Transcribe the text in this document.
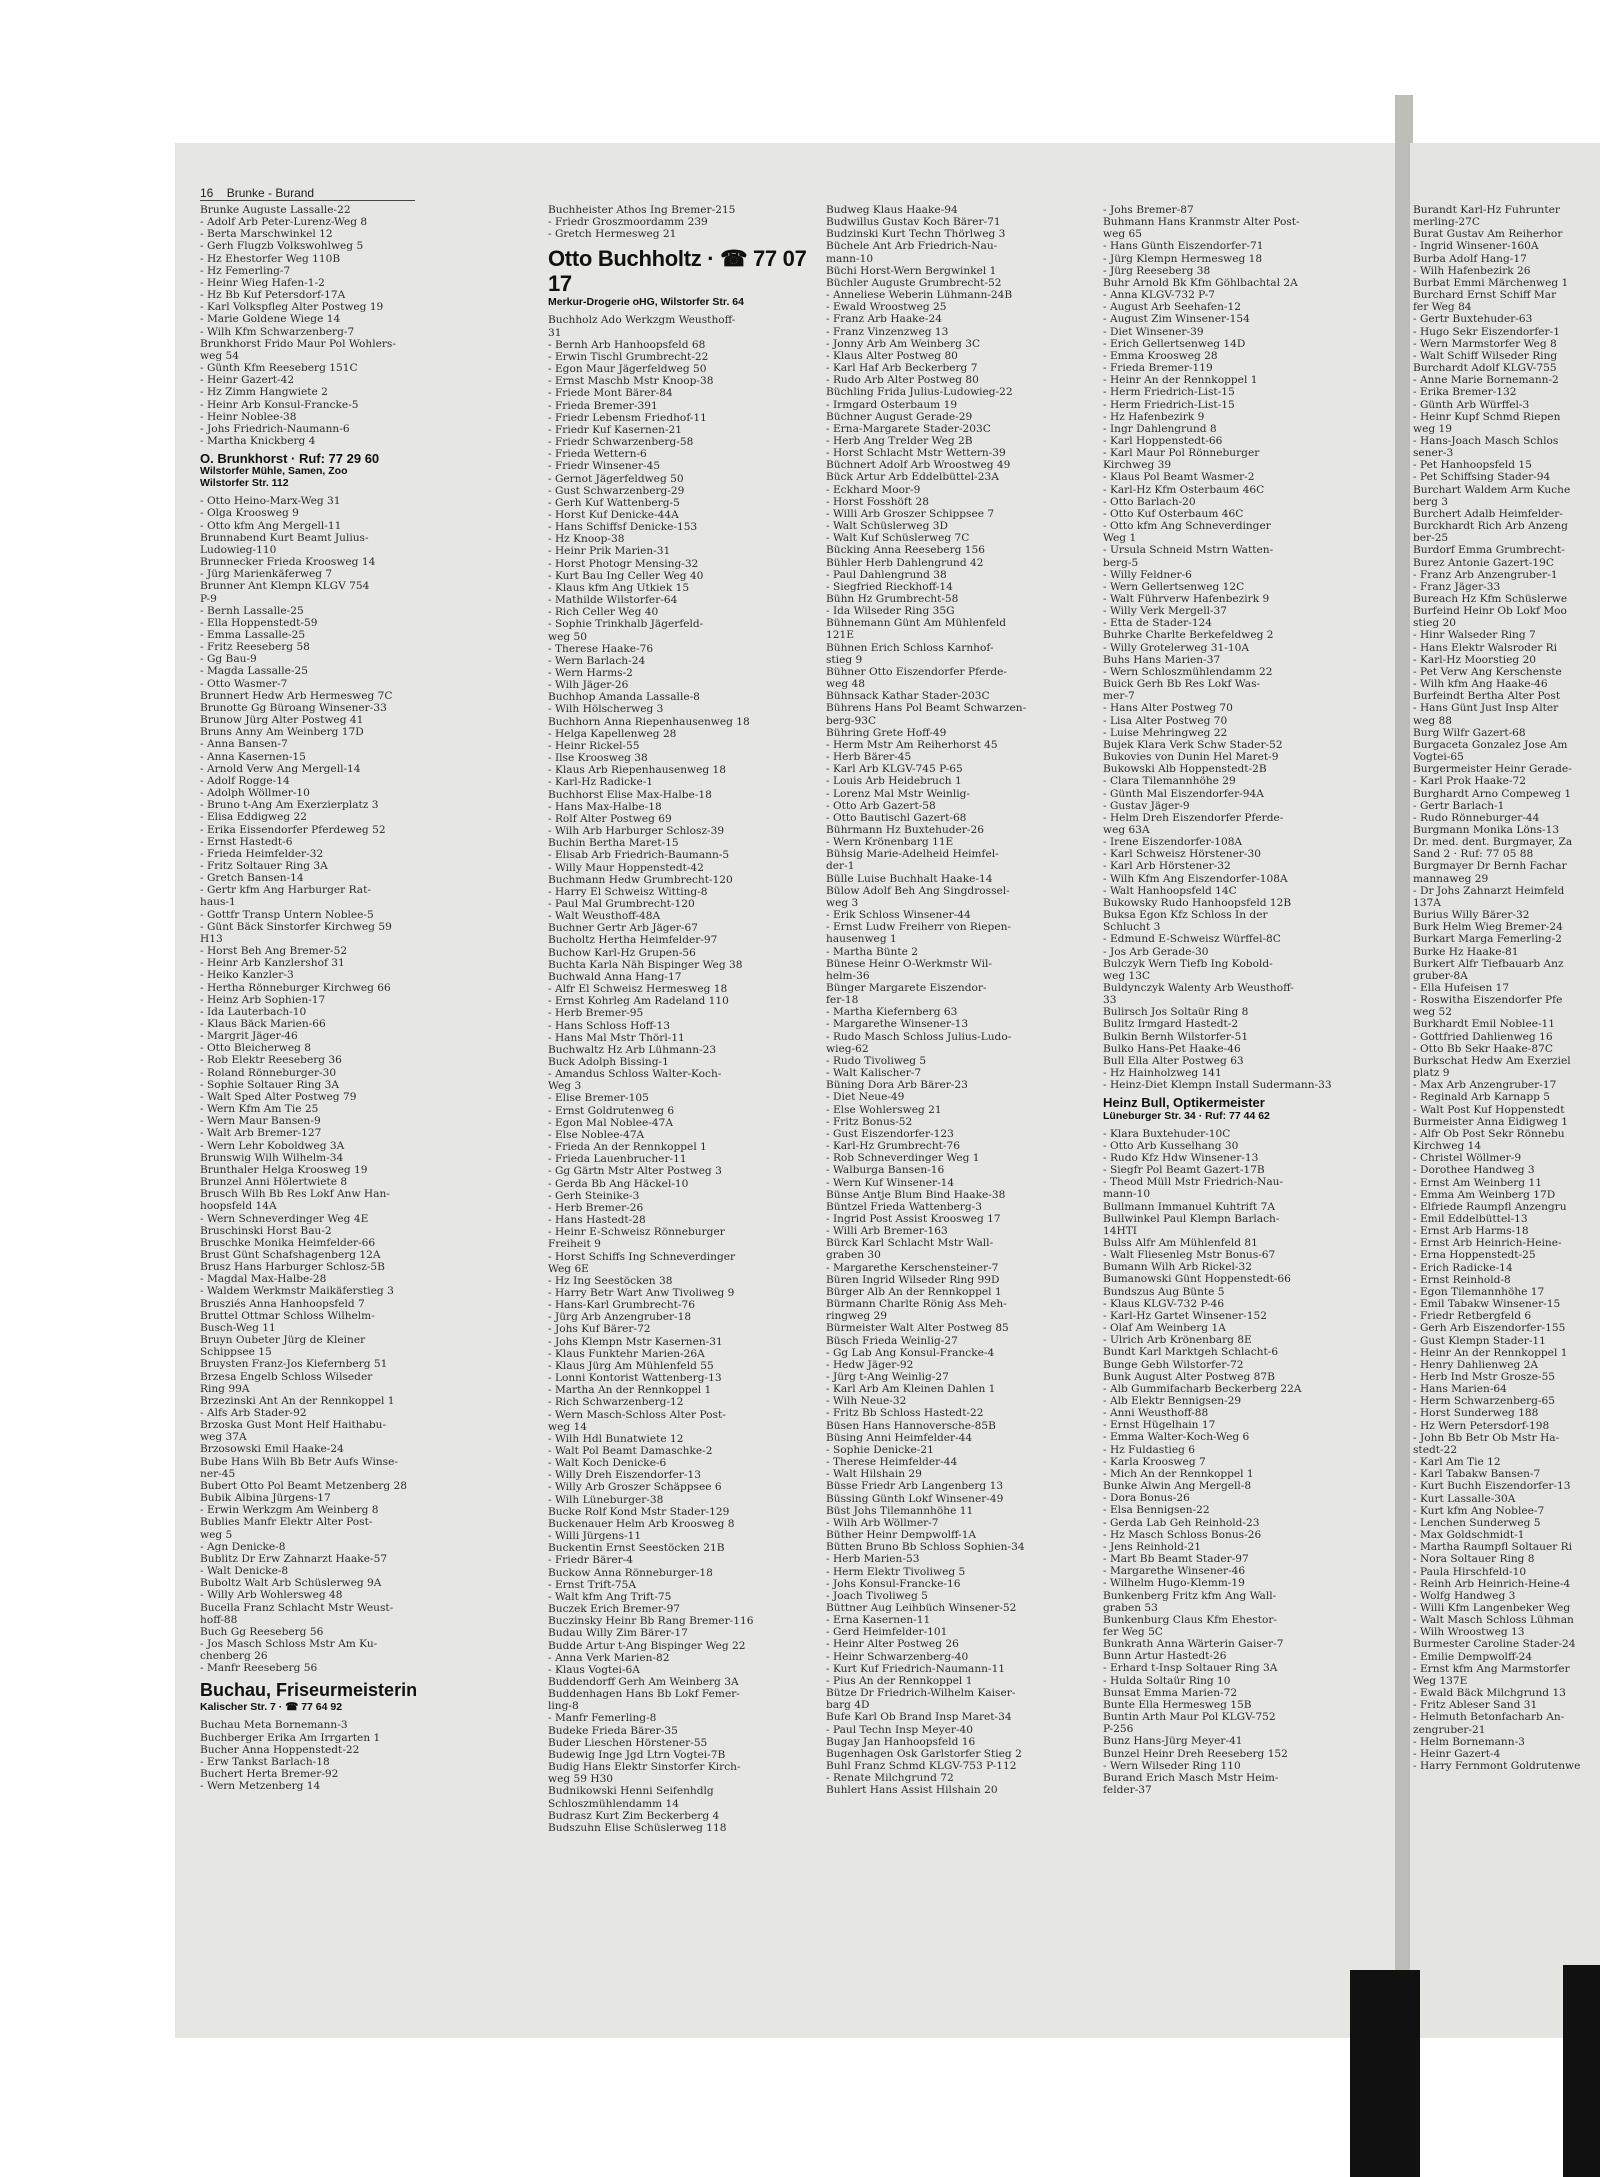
16 Brunke - Burand

Brunke Auguste Lassalle-22

- Adolf Arb Peter-Lurenz-Weg 8

- Berta Marschwinkel 12

- Gerh Flugzb Volkswohlweg 5

- Hz Ehestorfer Weg 110B

- Hz Femerling-7

- Heinr Wieg Hafen-1-2

- Hz Bb Kuf Petersdorf-17A

- Karl Volkspfleg Alter Postweg 19

- Marie Goldene Wiege 14

- Wilh Kfm Schwarzenberg-7

Brunkhorst Frido Maur Pol Wohlers-

weg 54

- Günth Kfm Reeseberg 151C

- Heinr Gazert-42

- Hz Zimm Hangwiete 2

- Heinr Arb Konsul-Francke-5

- Heinr Noblee-38

- Johs Friedrich-Naumann-6

- Martha Knickberg 4

O. Brunkhorst · Ruf: 77 29 60
Wilstorfer Mühle, Samen, Zoo
Wilstorfer Str. 112

- Otto Heino-Marx-Weg 31

- Olga Kroosweg 9

- Otto kfm Ang Mergell-11

Brunnabend Kurt Beamt Julius-

Ludowieg-110

Brunnecker Frieda Kroosweg 14

- Jürg Marienkäferweg 7

Brunner Ant Klempn KLGV 754

P-9

- Bernh Lassalle-25

- Ella Hoppenstedt-59

- Emma Lassalle-25

- Fritz Reeseberg 58

- Gg Bau-9

- Magda Lassalle-25

- Otto Wasmer-7

Brunnert Hedw Arb Hermesweg 7C

Brunotte Gg Büroang Winsener-33

Brunow Jürg Alter Postweg 41

Bruns Anny Am Weinberg 17D

- Anna Bansen-7

- Anna Kasernen-15

- Arnold Verw Ang Mergell-14

- Adolf Rogge-14

- Adolph Wöllmer-10

- Bruno t-Ang Am Exerzierplatz 3

- Elisa Eddigweg 22

- Erika Eissendorfer Pferdeweg 52

- Ernst Hastedt-6

- Frieda Heimfelder-32

- Fritz Soltauer Ring 3A

- Gretch Bansen-14

- Gertr kfm Ang Harburger Rat-

haus-1

- Gottfr Transp Untern Noblee-5

- Günt Bäck Sinstorfer Kirchweg 59

H13

- Horst Beh Ang Bremer-52

- Heinr Arb Kanzlershof 31

- Heiko Kanzler-3

- Hertha Rönneburger Kirchweg 66

- Heinz Arb Sophien-17

- Ida Lauterbach-10

- Klaus Bäck Marien-66

- Margrit Jäger-46

- Otto Bleicherweg 8

- Rob Elektr Reeseberg 36

- Roland Rönneburger-30

- Sophie Soltauer Ring 3A

- Walt Sped Alter Postweg 79

- Wern Kfm Am Tie 25

- Wern Maur Bansen-9

- Walt Arb Bremer-127

- Wern Lehr Koboldweg 3A

Brunswig Wilh Wilhelm-34

Brunthaler Helga Kroosweg 19

Brunzel Anni Hölertwiete 8

Brusch Wilh Bb Res Lokf Anw Han-

hoopsfeld 14A

- Wern Schneverdinger Weg 4E

Bruschinski Horst Bau-2

Bruschke Monika Heimfelder-66

Brust Günt Schafshagenberg 12A

Brusz Hans Harburger Schlosz-5B

- Magdal Max-Halbe-28

- Waldem Werkmstr Maikäferstieg 3

Brusziés Anna Hanhoopsfeld 7

Bruttel Ottmar Schloss Wilhelm-

Busch-Weg 11

Bruyn Oubeter Jürg de Kleiner

Schippsee 15

Bruysten Franz-Jos Kiefernberg 51

Brzesa Engelb Schloss Wilseder

Ring 99A

Brzezinski Ant An der Rennkoppel 1

- Alfs Arb Stader-92

Brzoska Gust Mont Helf Haithabu-

weg 37A

Brzosowski Emil Haake-24

Bube Hans Wilh Bb Betr Aufs Winse-

ner-45

Bubert Otto Pol Beamt Metzenberg 28

Bubik Albina Jürgens-17

- Erwin Werkzgm Am Weinberg 8

Bublies Manfr Elektr Alter Post-

weg 5

- Agn Denicke-8

Bublitz Dr Erw Zahnarzt Haake-57

- Walt Denicke-8

Buboltz Walt Arb Schüslerweg 9A

- Willy Arb Wohlersweg 48

Bucella Franz Schlacht Mstr Weust-

hoff-88

Buch Gg Reeseberg 56

- Jos Masch Schloss Mstr Am Ku-

chenberg 26

- Manfr Reeseberg 56

Buchau, Friseurmeisterin
Kalischer Str. 7 · ☎ 77 64 92

Buchau Meta Bornemann-3

Buchberger Erika Am Irrgarten 1

Bucher Anna Hoppenstedt-22

- Erw Tankst Barlach-18

Buchert Herta Bremer-92

- Wern Metzenberg 14

Buchheister Athos Ing Bremer-215

- Friedr Groszmoordamm 239

- Gretch Hermesweg 21

Otto Buchholtz · ☎ 77 07 17
Merkur-Drogerie oHG, Wilstorfer Str. 64

Buchholz Ado Werkzgm Weusthoff-

31

- Bernh Arb Hanhoopsfeld 68

- Erwin Tischl Grumbrecht-22

- Egon Maur Jägerfeldweg 50

- Ernst Maschb Mstr Knoop-38

- Friede Mont Bärer-84

- Frieda Bremer-391

- Friedr Lebensm Friedhof-11

- Friedr Kuf Kasernen-21

- Friedr Schwarzenberg-58

- Frieda Wettern-6

- Friedr Winsener-45

- Gernot Jägerfeldweg 50

- Gust Schwarzenberg-29

- Gerh Kuf Wattenberg-5

- Horst Kuf Denicke-44A

- Hans Schiffsf Denicke-153

- Hz Knoop-38

- Heinr Prik Marien-31

- Horst Photogr Mensing-32

- Kurt Bau Ing Celler Weg 40

- Klaus kfm Ang Utkiek 15

- Mathilde Wilstorfer-64

- Rich Celler Weg 40

- Sophie Trinkhalb Jägerfeld-

weg 50

- Therese Haake-76

- Wern Barlach-24

- Wern Harms-2

- Wilh Jäger-26

Buchhop Amanda Lassalle-8

- Wilh Hölscherweg 3

Buchhorn Anna Riepenhausenweg 18

- Helga Kapellenweg 28

- Heinr Rickel-55

- Ilse Kroosweg 38

- Klaus Arb Riepenhausenweg 18

- Karl-Hz Radicke-1

Buchhorst Elise Max-Halbe-18

- Hans Max-Halbe-18

- Rolf Alter Postweg 69

- Wilh Arb Harburger Schlosz-39

Buchin Bertha Maret-15

- Elisab Arb Friedrich-Baumann-5

- Willy Maur Hoppenstedt-42

Buchmann Hedw Grumbrecht-120

- Harry El Schweisz Witting-8

- Paul Mal Grumbrecht-120

- Walt Weusthoff-48A

Buchner Gertr Arb Jäger-67

Bucholtz Hertha Heimfelder-97

Buchow Karl-Hz Grupen-56

Buchta Karla Näh Bispinger Weg 38

Buchwald Anna Hang-17

- Alfr El Schweisz Hermesweg 18

- Ernst Kohrleg Am Radeland 110

- Herb Bremer-95

- Hans Schloss Hoff-13

- Hans Mal Mstr Thörl-11

Buchwaltz Hz Arb Lühmann-23

Buck Adolph Bissing-1

- Amandus Schloss Walter-Koch-

Weg 3

- Elise Bremer-105

- Ernst Goldrutenweg 6

- Egon Mal Noblee-47A

- Else Noblee-47A

- Frieda An der Rennkoppel 1

- Frieda Lauenbrucher-11

- Gg Gärtn Mstr Alter Postweg 3

- Gerda Bb Ang Häckel-10

- Gerh Steinike-3

- Herb Bremer-26

- Hans Hastedt-28

- Heinr E-Schweisz Rönneburger

Freiheit 9

- Horst Schiffs Ing Schneverdinger

Weg 6E

- Hz Ing Seestöcken 38

- Harry Betr Wart Anw Tivoliweg 9

- Hans-Karl Grumbrecht-76

- Jürg Arb Anzengruber-18

- Johs Kuf Bärer-72

- Johs Klempn Mstr Kasernen-31

- Klaus Funktehr Marien-26A

- Klaus Jürg Am Mühlenfeld 55

- Lonni Kontorist Wattenberg-13

- Martha An der Rennkoppel 1

- Rich Schwarzenberg-12

- Wern Masch-Schloss Alter Post-

weg 14

- Wilh Hdl Bunatwiete 12

- Walt Pol Beamt Damaschke-2

- Walt Koch Denicke-6

- Willy Dreh Eiszendorfer-13

- Willy Arb Groszer Schäppsee 6

- Wilh Lüneburger-38

Bucke Rolf Kond Mstr Stader-129

Buckenauer Helm Arb Kroosweg 8

- Willi Jürgens-11

Buckentin Ernst Seestöcken 21B

- Friedr Bärer-4

Buckow Anna Rönneburger-18

- Ernst Trift-75A

- Walt kfm Ang Trift-75

Buczek Erich Bremer-97

Buczinsky Heinr Bb Rang Bremer-116

Budau Willy Zim Bärer-17

Budde Artur t-Ang Bispinger Weg 22

- Anna Verk Marien-82

- Klaus Vogtei-6A

Buddendorff Gerh Am Weinberg 3A

Buddenhagen Hans Bb Lokf Femer-

ling-8

- Manfr Femerling-8

Budeke Frieda Bärer-35

Buder Lieschen Hörstener-55

Budewig Inge Jgd Ltrn Vogtei-7B

Budig Hans Elektr Sinstorfer Kirch-

weg 59 H30

Budnikowski Henni Seifenhdlg

Schloszmühlendamm 14

Budrasz Kurt Zim Beckerberg 4

Budszuhn Elise Schüslerweg 118

Budweg Klaus Haake-94

Budwillus Gustav Koch Bärer-71

Budzinski Kurt Techn Thörlweg 3

Büchele Ant Arb Friedrich-Nau-

mann-10

Büchi Horst-Wern Bergwinkel 1

Büchler Auguste Grumbrecht-52

- Anneliese Weberin Lühmann-24B

- Ewald Wroostweg 25

- Franz Arb Haake-24

- Franz Vinzenzweg 13

- Jonny Arb Am Weinberg 3C

- Klaus Alter Postweg 80

- Karl Haf Arb Beckerberg 7

- Rudo Arb Alter Postweg 80

Büchling Frida Julius-Ludowieg-22

- Irmgard Osterbaum 19

Büchner August Gerade-29

- Erna-Margarete Stader-203C

- Herb Ang Trelder Weg 2B

- Horst Schlacht Mstr Wettern-39

Büchnert Adolf Arb Wroostweg 49

Bück Artur Arb Eddelbüttel-23A

- Eckhard Moor-9

- Horst Fosshöft 28

- Willi Arb Groszer Schippsee 7

- Walt Schüslerweg 3D

- Walt Kuf Schüslerweg 7C

Bücking Anna Reeseberg 156

Bühler Herb Dahlengrund 42

- Paul Dahlengrund 38

- Siegfried Rieckhoff-14

Bühn Hz Grumbrecht-58

- Ida Wilseder Ring 35G

Bühnemann Günt Am Mühlenfeld

121E

Bühnen Erich Schloss Karnhof-

stieg 9

Bühner Otto Eiszendorfer Pferde-

weg 48

Bühnsack Kathar Stader-203C

Bührens Hans Pol Beamt Schwarzen-

berg-93C

Bühring Grete Hoff-49

- Herm Mstr Am Reiherhorst 45

- Herb Bärer-45

- Karl Arb KLGV-745 P-65

- Louis Arb Heidebruch 1

- Lorenz Mal Mstr Weinlig-

- Otto Arb Gazert-58

- Otto Bautischl Gazert-68

Bührmann Hz Buxtehuder-26

- Wern Krönenbarg 11E

Bühsig Marie-Adelheid Heimfel-

der-1

Bülle Luise Buchhalt Haake-14

Bülow Adolf Beh Ang Singdrossel-

weg 3

- Erik Schloss Winsener-44

- Ernst Ludw Freiherr von Riepen-

hausenweg 1

- Martha Bünte 2

Bünese Heinr O-Werkmstr Wil-

helm-36

Bünger Margarete Eiszendor-

fer-18

- Martha Kiefernberg 63

- Margarethe Winsener-13

- Rudo Masch Schloss Julius-Ludo-

wieg-62

- Rudo Tivoliweg 5

- Walt Kalischer-7

Büning Dora Arb Bärer-23

- Diet Neue-49

- Else Wohlersweg 21

- Fritz Bonus-52

- Gust Eiszendorfer-123

- Karl-Hz Grumbrecht-76

- Rob Schneverdinger Weg 1

- Walburga Bansen-16

- Wern Kuf Winsener-14

Bünse Antje Blum Bind Haake-38

Büntzel Frieda Wattenberg-3

- Ingrid Post Assist Kroosweg 17

- Willi Arb Bremer-163

Bürck Karl Schlacht Mstr Wall-

graben 30

- Margarethe Kerschensteiner-7

Büren Ingrid Wilseder Ring 99D

Bürger Alb An der Rennkoppel 1

Bürmann Charlte Rönig Ass Meh-

ringweg 29

Bürmeister Walt Alter Postweg 85

Büsch Frieda Weinlig-27

- Gg Lab Ang Konsul-Francke-4

- Hedw Jäger-92

- Jürg t-Ang Weinlig-27

- Karl Arb Am Kleinen Dahlen 1

- Wilh Neue-32

- Fritz Bb Schloss Hastedt-22

Büsen Hans Hannoversche-85B

Büsing Anni Heimfelder-44

- Sophie Denicke-21

- Therese Heimfelder-44

- Walt Hilshain 29

Büsse Friedr Arb Langenberg 13

Büssing Günth Lokf Winsener-49

Büst Johs Tilemannhöhe 11

- Wilh Arb Wöllmer-7

Büther Heinr Dempwolff-1A

Bütten Bruno Bb Schloss Sophien-34

- Herb Marien-53

- Herm Elektr Tivoliweg 5

- Johs Konsul-Francke-16

- Joach Tivoliweg 5

Büttner Aug Leihbüch Winsener-52

- Erna Kasernen-11

- Gerd Heimfelder-101

- Heinr Alter Postweg 26

- Heinr Schwarzenberg-40

- Kurt Kuf Friedrich-Naumann-11

- Pius An der Rennkoppel 1

Bütze Dr Friedrich-Wilhelm Kaiser-

barg 4D

Bufe Karl Ob Brand Insp Maret-34

- Paul Techn Insp Meyer-40

Bugay Jan Hanhoopsfeld 16

Bugenhagen Osk Garlstorfer Stieg 2

Buhl Franz Schmd KLGV-753 P-112

- Renate Milchgrund 72

Buhlert Hans Assist Hilshain 20

- Johs Bremer-87

Buhmann Hans Kranmstr Alter Post-

weg 65

- Hans Günth Eiszendorfer-71

- Jürg Klempn Hermesweg 18

- Jürg Reeseberg 38

Buhr Arnold Bk Kfm Göhlbachtal 2A

- Anna KLGV-732 P-7

- August Arb Seehafen-12

- August Zim Winsener-154

- Diet Winsener-39

- Erich Gellertsenweg 14D

- Emma Kroosweg 28

- Frieda Bremer-119

- Heinr An der Rennkoppel 1

- Herm Friedrich-List-15

- Herm Friedrich-List-15

- Hz Hafenbezirk 9

- Ingr Dahlengrund 8

- Karl Hoppenstedt-66

- Karl Maur Pol Rönneburger

Kirchweg 39

- Klaus Pol Beamt Wasmer-2

- Karl-Hz Kfm Osterbaum 46C

- Otto Barlach-20

- Otto Kuf Osterbaum 46C

- Otto kfm Ang Schneverdinger

Weg 1

- Ursula Schneid Mstrn Watten-

berg-5

- Willy Feldner-6

- Wern Gellertsenweg 12C

- Walt Führverw Hafenbezirk 9

- Willy Verk Mergell-37

- Etta de Stader-124

Buhrke Charlte Berkefeldweg 2

- Willy Grotelerweg 31-10A

Buhs Hans Marien-37

- Wern Schloszmühlendamm 22

Buick Gerh Bb Res Lokf Was-

mer-7

- Hans Alter Postweg 70

- Lisa Alter Postweg 70

- Luise Mehringweg 22

Bujek Klara Verk Schw Stader-52

Bukovies von Dunin Hel Maret-9

Bukowski Alb Hoppenstedt-2B

- Clara Tilemannhöhe 29

- Günth Mal Eiszendorfer-94A

- Gustav Jäger-9

- Helm Dreh Eiszendorfer Pferde-

weg 63A

- Irene Eiszendorfer-108A

- Karl Schweisz Hörstener-30

- Karl Arb Hörstener-32

- Wilh Kfm Ang Eiszendorfer-108A

- Walt Hanhoopsfeld 14C

Bukowsky Rudo Hanhoopsfeld 12B

Buksa Egon Kfz Schloss In der

Schlucht 3

- Edmund E-Schweisz Würffel-8C

- Jos Arb Gerade-30

Bulczyk Wern Tiefb Ing Kobold-

weg 13C

Buldynczyk Walenty Arb Weusthoff-

33

Bulirsch Jos Soltaür Ring 8

Bulitz Irmgard Hastedt-2

Bulkin Bernh Wilstorfer-51

Bulko Hans-Pet Haake-46

Bull Ella Alter Postweg 63

- Hz Hainholzweg 141

- Heinz-Diet Klempn Install Sudermann-33

Heinz Bull, Optikermeister
Lüneburger Str. 34 · Ruf: 77 44 62

- Klara Buxtehuder-10C

- Otto Arb Kusselhang 30

- Rudo Kfz Hdw Winsener-13

- Siegfr Pol Beamt Gazert-17B

- Theod Müll Mstr Friedrich-Nau-

mann-10

Bullmann Immanuel Kuhtrift 7A

Bullwinkel Paul Klempn Barlach-

14HTI

Bulss Alfr Am Mühlenfeld 81

- Walt Fliesenleg Mstr Bonus-67

Bumann Wilh Arb Rickel-32

Bumanowski Günt Hoppenstedt-66

Bundszus Aug Bünte 5

- Klaus KLGV-732 P-46

- Karl-Hz Gartet Winsener-152

- Olaf Am Weinberg 1A

- Ulrich Arb Krönenbarg 8E

Bundt Karl Marktgeh Schlacht-6

Bunge Gebh Wilstorfer-72

Bunk August Alter Postweg 87B

- Alb Gummifacharb Beckerberg 22A

- Alb Elektr Bennigsen-29

- Anni Weusthoff-88

- Ernst Hügelhain 17

- Emma Walter-Koch-Weg 6

- Hz Fuldastieg 6

- Karla Kroosweg 7

- Mich An der Rennkoppel 1

Bunke Alwin Ang Mergell-8

- Dora Bonus-26

- Elsa Bennigsen-22

- Gerda Lab Geh Reinhold-23

- Hz Masch Schloss Bonus-26

- Jens Reinhold-21

- Mart Bb Beamt Stader-97

- Margarethe Winsener-46

- Wilhelm Hugo-Klemm-19

Bunkenberg Fritz kfm Ang Wall-

graben 53

Bunkenburg Claus Kfm Ehestor-

fer Weg 5C

Bunkrath Anna Wärterin Gaiser-7

Bunn Artur Hastedt-26

- Erhard t-Insp Soltauer Ring 3A

- Hulda Soltaür Ring 10

Bunsat Emma Marien-72

Bunte Ella Hermesweg 15B

Buntin Arth Maur Pol KLGV-752

P-256

Bunz Hans-Jürg Meyer-41

Bunzel Heinr Dreh Reeseberg 152

- Wern Wilseder Ring 110

Burand Erich Masch Mstr Heim-

felder-37

Burandt Karl-Hz Fuhrunter

merling-27C

Burat Gustav Am Reiherhor

- Ingrid Winsener-160A

Burba Adolf Hang-17

- Wilh Hafenbezirk 26

Burbat Emmi Märchenweg 1

Burchard Ernst Schiff Mar

fer Weg 84

- Gertr Buxtehuder-63

- Hugo Sekr Eiszendorfer-1

- Wern Marmstorfer Weg 8

- Walt Schiff Wilseder Ring

Burchardt Adolf KLGV-755

- Anne Marie Bornemann-2

- Erika Bremer-132

- Günth Arb Würffel-3

- Heinr Kupf Schmd Riepen

weg 19

- Hans-Joach Masch Schlos

sener-3

- Pet Hanhoopsfeld 15

- Pet Schiffsing Stader-94

Burchart Waldem Arm Kuche

berg 3

Burchert Adalb Heimfelder-

Burckhardt Rich Arb Anzeng

ber-25

Burdorf Emma Grumbrecht-

Burez Antonie Gazert-19C

- Franz Arb Anzengruber-1

- Franz Jäger-33

Bureach Hz Kfm Schüslerwe

Burfeind Heinr Ob Lokf Moo

stieg 20

- Hinr Walseder Ring 7

- Hans Elektr Walsroder Ri

- Karl-Hz Moorstieg 20

- Pet Verw Ang Kerschenste

- Wilh kfm Ang Haake-46

Burfeindt Bertha Alter Post

- Hans Günt Just Insp Alter

weg 88

Burg Wilfr Gazert-68

Burgaceta Gonzalez Jose Am

Vogtei-65

Burgermeister Heinr Gerade-

- Karl Prok Haake-72

Burghardt Arno Compeweg 1

- Gertr Barlach-1

- Rudo Rönneburger-44

Burgmann Monika Löns-13

Dr. med. dent. Burgmayer, Za

Sand 2 · Ruf: 77 05 88

Burgmayer Dr Bernh Fachar

mannaweg 29

- Dr Johs Zahnarzt Heimfeld

137A

Burius Willy Bärer-32

Burk Helm Wieg Bremer-24

Burkart Marga Femerling-2

Burke Hz Haake-81

Burkert Alfr Tiefbauarb Anz

gruber-8A

- Ella Hufeisen 17

- Roswitha Eiszendorfer Pfe

weg 52

Burkhardt Emil Noblee-11

- Gottfried Dahlienweg 16

- Otto Bb Sekr Haake-87C

Burkschat Hedw Am Exerziel

platz 9

- Max Arb Anzengruber-17

- Reginald Arb Karnapp 5

- Walt Post Kuf Hoppenstedt

Burmeister Anna Eidigweg 1

- Alfr Ob Post Sekr Rönnebu

Kirchweg 14

- Christel Wöllmer-9

- Dorothee Handweg 3

- Ernst Am Weinberg 11

- Emma Am Weinberg 17D

- Elfriede Raumpfl Anzengru

- Emil Eddelbüttel-13

- Ernst Arb Harms-18

- Ernst Arb Heinrich-Heine-

- Erna Hoppenstedt-25

- Erich Radicke-14

- Ernst Reinhold-8

- Egon Tilemannhöhe 17

- Emil Tabakw Winsener-15

- Friedr Retbergfeld 6

- Gerh Arb Eiszendorfer-155

- Gust Klempn Stader-11

- Heinr An der Rennkoppel 1

- Henry Dahlienweg 2A

- Herb Ind Mstr Grosze-55

- Hans Marien-64

- Herm Schwarzenberg-65

- Horst Sunderweg 188

- Hz Wern Petersdorf-198

- John Bb Betr Ob Mstr Ha-

stedt-22

- Karl Am Tie 12

- Karl Tabakw Bansen-7

- Kurt Buchh Eiszendorfer-13

- Kurt Lassalle-30A

- Kurt kfm Ang Noblee-7

- Lenchen Sunderweg 5

- Max Goldschmidt-1

- Martha Raumpfl Soltauer Ri

- Nora Soltauer Ring 8

- Paula Hirschfeld-10

- Reinh Arb Heinrich-Heine-4

- Wolfg Handweg 3

- Willi Kfm Langenbeker Weg

- Walt Masch Schloss Lühman

- Wilh Wroostweg 13

Burmester Caroline Stader-24

- Emilie Dempwolff-24

- Ernst kfm Ang Marmstorfer

Weg 137E

- Ewald Bäck Milchgrund 13

- Fritz Ableser Sand 31

- Helmuth Betonfacharb An-

zengruber-21

- Helm Bornemann-3

- Heinr Gazert-4

- Harry Fernmont Goldrutenwe
